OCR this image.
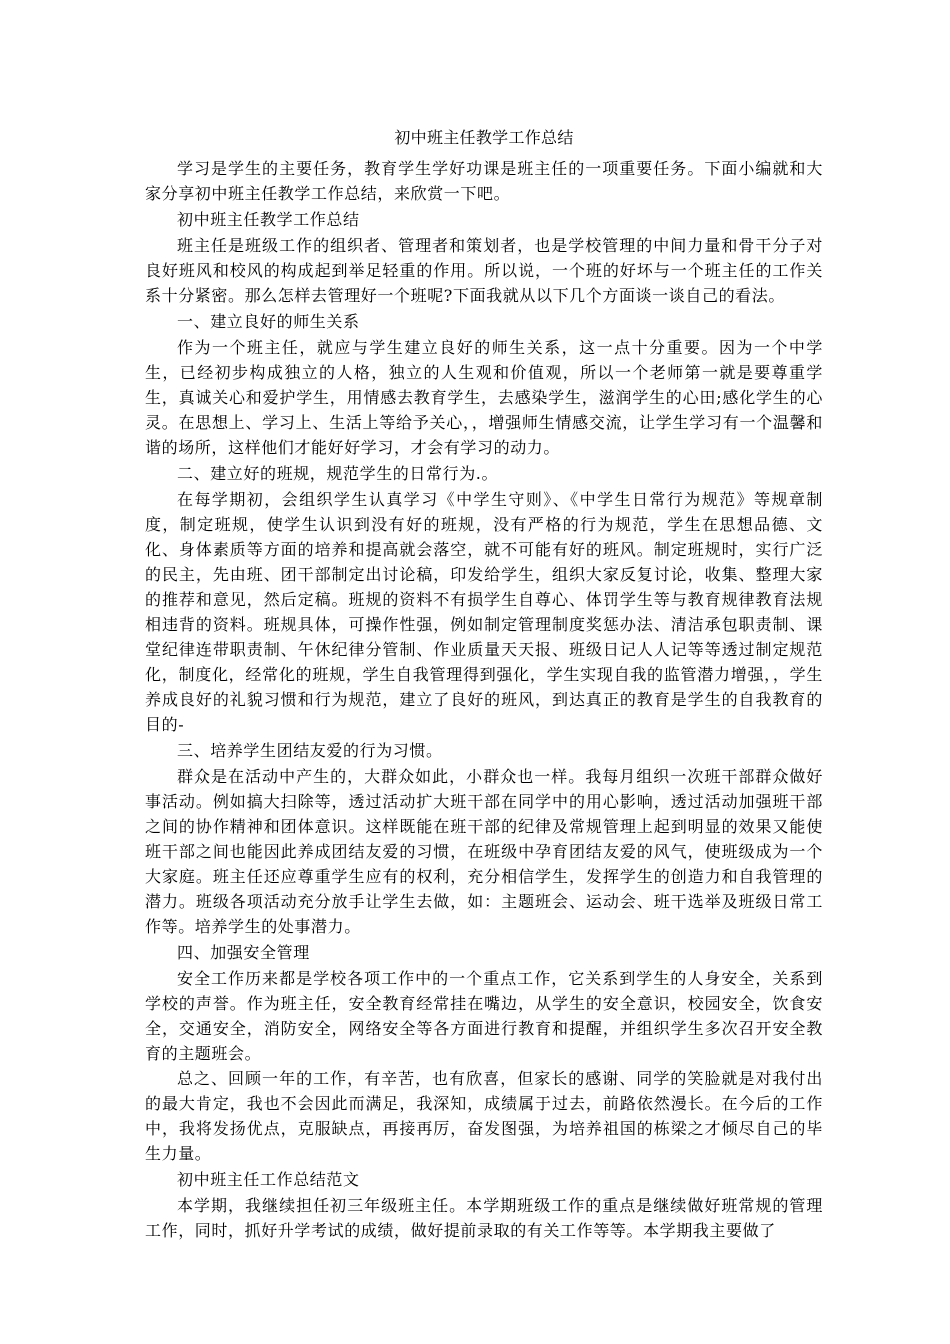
初中班主任教学工作总结

学习是学生的主要任务，教育学生学好功课是班主任的一项重要任务。下面小编就和大家分享初中班主任教学工作总结，来欣赏一下吧。

初中班主任教学工作总结

班主任是班级工作的组织者、管理者和策划者，也是学校管理的中间力量和骨干分子对良好班风和校风的构成起到举足轻重的作用。所以说，一个班的好坏与一个班主任的工作关系十分紧密。那么怎样去管理好一个班呢?下面我就从以下几个方面谈一谈自己的看法。

一、建立良好的师生关系

作为一个班主任，就应与学生建立良好的师生关系，这一点十分重要。因为一个中学生，已经初步构成独立的人格，独立的人生观和价值观，所以一个老师第一就是要尊重学生，真诚关心和爱护学生，用情感去教育学生，去感染学生，滋润学生的心田;感化学生的心灵。在思想上、学习上、生活上等给予关心，，增强师生情感交流，让学生学习有一个温馨和谐的场所，这样他们才能好好学习，才会有学习的动力。

二、建立好的班规，规范学生的日常行为.。

在每学期初，会组织学生认真学习《中学生守则》、《中学生日常行为规范》等规章制度，制定班规，使学生认识到没有好的班规，没有严格的行为规范，学生在思想品德、文化、身体素质等方面的培养和提高就会落空，就不可能有好的班风。制定班规时，实行广泛的民主，先由班、团干部制定出讨论稿，印发给学生，组织大家反复讨论，收集、整理大家的推荐和意见，然后定稿。班规的资料不有损学生自尊心、体罚学生等与教育规律教育法规相违背的资料。班规具体，可操作性强，例如制定管理制度奖惩办法、清洁承包职责制、课堂纪律连带职责制、午休纪律分管制、作业质量天天报、班级日记人人记等等透过制定规范化，制度化，经常化的班规，学生自我管理得到强化，学生实现自我的监管潜力增强，，学生养成良好的礼貌习惯和行为规范，建立了良好的班风，到达真正的教育是学生的自我教育的目的-

三、培养学生团结友爱的行为习惯。

群众是在活动中产生的，大群众如此，小群众也一样。我每月组织一次班干部群众做好事活动。例如搞大扫除等，透过活动扩大班干部在同学中的用心影响，透过活动加强班干部之间的协作精神和团体意识。这样既能在班干部的纪律及常规管理上起到明显的效果又能使班干部之间也能因此养成团结友爱的习惯，在班级中孕育团结友爱的风气，使班级成为一个大家庭。班主任还应尊重学生应有的权利，充分相信学生，发挥学生的创造力和自我管理的潜力。班级各项活动充分放手让学生去做，如：主题班会、运动会、班干选举及班级日常工作等。培养学生的处事潜力。

四、加强安全管理

安全工作历来都是学校各项工作中的一个重点工作，它关系到学生的人身安全，关系到学校的声誉。作为班主任，安全教育经常挂在嘴边，从学生的安全意识，校园安全，饮食安全，交通安全，消防安全，网络安全等各方面进行教育和提醒，并组织学生多次召开安全教育的主题班会。

总之、回顾一年的工作，有辛苦，也有欣喜，但家长的感谢、同学的笑脸就是对我付出的最大肯定，我也不会因此而满足，我深知，成绩属于过去，前路依然漫长。在今后的工作中，我将发扬优点，克服缺点，再接再厉，奋发图强，为培养祖国的栋梁之才倾尽自己的毕生力量。

初中班主任工作总结范文

本学期，我继续担任初三年级班主任。本学期班级工作的重点是继续做好班常规的管理工作，同时，抓好升学考试的成绩，做好提前录取的有关工作等等。本学期我主要做了
